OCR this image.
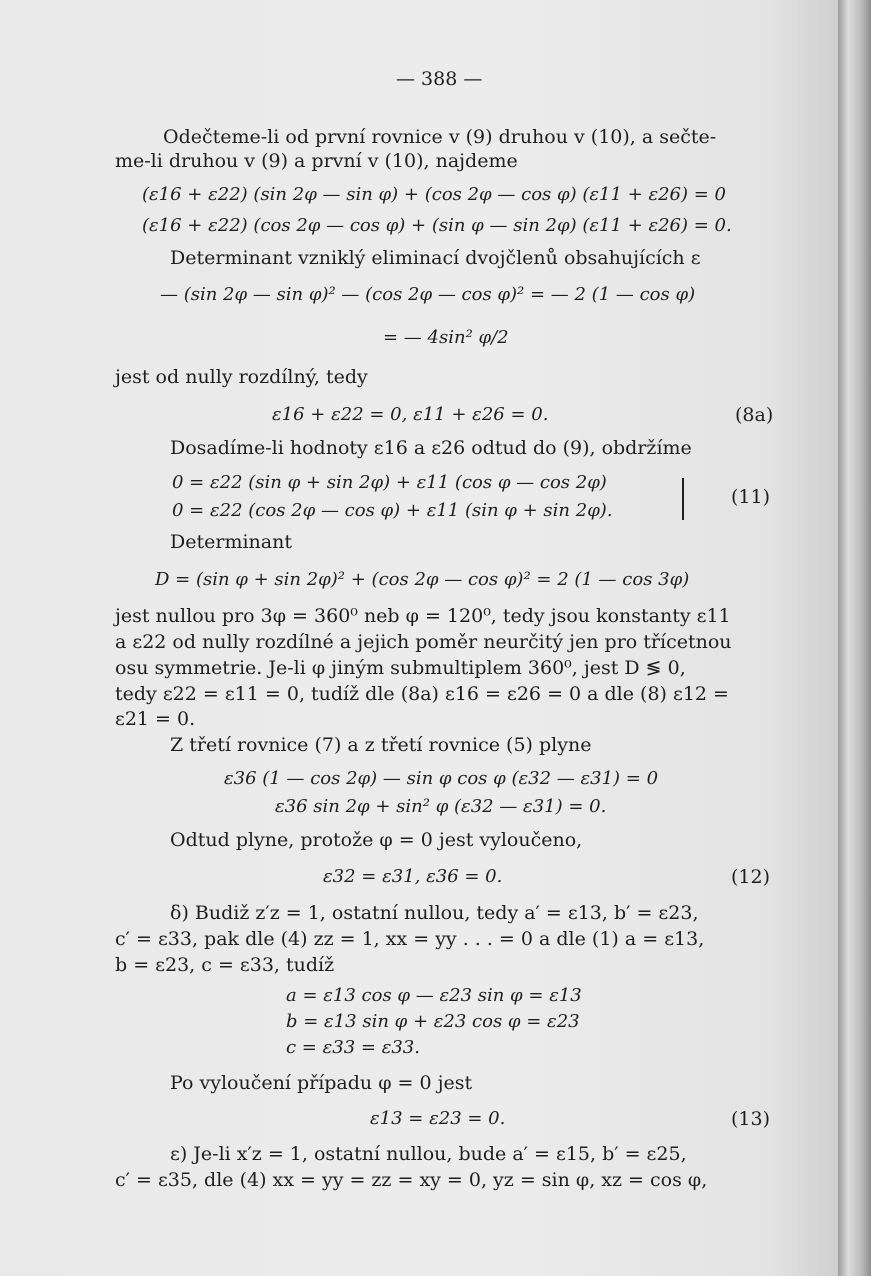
— 388 —
Odečteme-li od první rovnice v (9) druhou v (10), a sečte-
me-li druhou v (9) a první v (10), najdeme
(ε16 + ε22) (sin 2φ — sin φ) + (cos 2φ — cos φ) (ε11 + ε26) = 0
(ε16 + ε22) (cos 2φ — cos φ) + (sin φ — sin 2φ) (ε11 + ε26) = 0.
Determinant vzniklý eliminací dvojčlenů obsahujících ε
— (sin 2φ — sin φ)² — (cos 2φ — cos φ)² = — 2 (1 — cos φ)
= — 4sin² φ/2
jest od nully rozdílný, tedy
ε16 + ε22 = 0, ε11 + ε26 = 0.	(8a)
Dosadíme-li hodnoty ε16 a ε26 odtud do (9), obdržíme
0 = ε22 (sin φ + sin 2φ) + ε11 (cos φ — cos 2φ)
0 = ε22 (cos 2φ — cos φ) + ε11 (sin φ + sin 2φ).
(11)
Determinant
D = (sin φ + sin 2φ)² + (cos 2φ — cos φ)² = 2 (1 — cos 3φ)
jest nullou pro 3φ = 360⁰ neb φ = 120⁰, tedy jsou konstanty ε11
a ε22 od nully rozdílné a jejich poměr neurčitý jen pro třícetnou
osu symmetrie. Je-li φ jiným submultiplem 360⁰, jest D ≶ 0,
tedy ε22 = ε11 = 0, tudíž dle (8a) ε16 = ε26 = 0 a dle (8) ε12 =
ε21 = 0.
Z třetí rovnice (7) a z třetí rovnice (5) plyne
ε36 (1 — cos 2φ) — sin φ cos φ (ε32 — ε31) = 0
ε36 sin 2φ + sin² φ (ε32 — ε31) = 0.
Odtud plyne, protože φ = 0 jest vyloučeno,
ε32 = ε31, ε36 = 0.	(12)
δ) Budiž z′z = 1, ostatní nullou, tedy a′ = ε13, b′ = ε23,
c′ = ε33, pak dle (4) zz = 1, xx = yy . . . = 0 a dle (1) a = ε13,
b = ε23, c = ε33, tudíž
a = ε13 cos φ — ε23 sin φ = ε13
b = ε13 sin φ + ε23 cos φ = ε23
c = ε33 = ε33.
Po vyloučení případu φ = 0 jest
ε13 = ε23 = 0.	(13)
ε) Je-li x′z = 1, ostatní nullou, bude a′ = ε15, b′ = ε25,
c′ = ε35, dle (4) xx = yy = zz = xy = 0, yz = sin φ, xz = cos φ,
